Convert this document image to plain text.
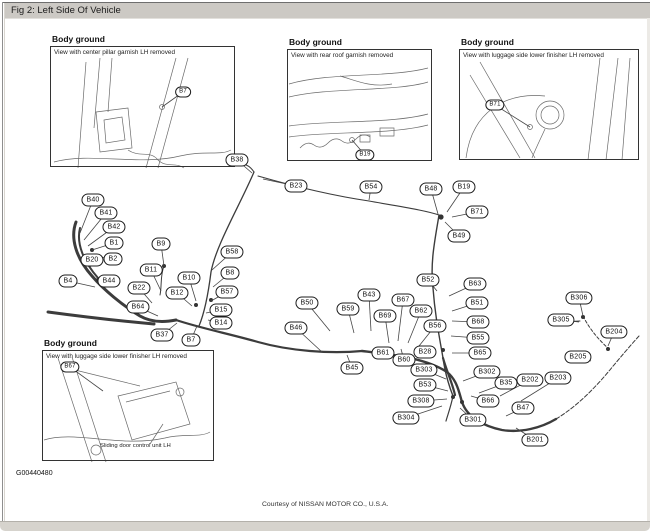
Fig 2: Left Side Of Vehicle
Body ground
View with center pillar garnish LH removed
Body ground
View with rear roof garnish removed
Body ground
View with luggage side lower finisher LH removed
Body ground
View with luggage side lower finisher LH removed
Sliding door control unit LH
B40
B41
B42
B1
B2
B20
B4	B44
B9
B11
B22
B10
B12
B58
B8
B57
B15
B14
B64
B37
B7
B38
B23	B54	B48	B19
B71
B49
B52
B63
B51
B68
B55
B65
B50
B43
B67
B59
B69
B62
B56
B46
B61
B60
B28
B45	B303	B302
B53	B35	B202	B203
B308	B66
B304	B301
B47
B201
B306
B305
B204
B205
B7
B19
B71
B67
G00440480
Courtesy of NISSAN MOTOR CO., U.S.A.
